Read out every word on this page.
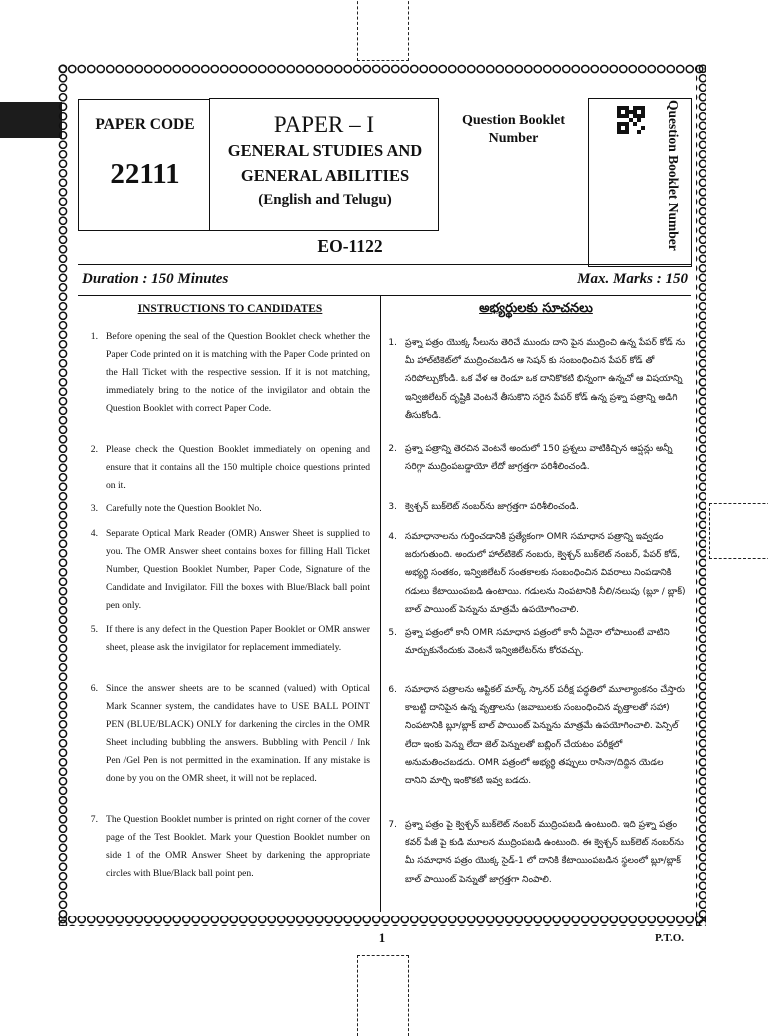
PAPER CODE
22111
PAPER – I
GENERAL STUDIES AND
GENERAL ABILITIES
(English and Telugu)
EO-1122
Question Booklet
Number	Question Booklet Number
Duration : 150 Minutes	Max. Marks : 150
INSTRUCTIONS TO CANDIDATES
1. Before opening the seal of the Question Booklet check whether the Paper Code printed on it is matching with the Paper Code printed on the Hall Ticket with the respective session. If it is not matching, immediately bring to the notice of the invigilator and obtain the Question Booklet with correct Paper Code.
2. Please check the Question Booklet immediately on opening and ensure that it contains all the 150 multiple choice questions printed on it.
3. Carefully note the Question Booklet No.
4. Separate Optical Mark Reader (OMR) Answer Sheet is supplied to you. The OMR Answer sheet contains boxes for filling Hall Ticket Number, Question Booklet Number, Paper Code, Signature of the Candidate and Invigilator. Fill the boxes with Blue/Black ball point pen only.
5. If there is any defect in the Question Paper Booklet or OMR answer sheet, please ask the invigilator for replacement immediately.
6. Since the answer sheets are to be scanned (valued) with Optical Mark Scanner system, the candidates have to USE BALL POINT PEN (BLUE/BLACK) ONLY for darkening the circles in the OMR Sheet including bubbling the answers. Bubbling with Pencil / Ink Pen /Gel Pen is not permitted in the examination. If any mistake is done by you on the OMR sheet, it will not be replaced.
7. The Question Booklet number is printed on right corner of the cover page of the Test Booklet. Mark your Question Booklet number on side 1 of the OMR Answer Sheet by darkening the appropriate circles with Blue/Black ball point pen.
అభ్యర్థులకు సూచనలు
1. ప్రశ్నా పత్రం యొక్క సీలును తెరిచే ముందు దాని పైన ముద్రించి ఉన్న పేపర్ కోడ్ ను మీ హాల్‌టికెట్‌లో ముద్రించబడిన ఆ సెషన్ కు సంబంధించిన పేపర్ కోడ్ తో సరిపోల్చుకోండి. ఒక వేళ ఆ రెండూ ఒక దానికొకటి భిన్నంగా ఉన్నచో ఆ విషయాన్ని ఇన్విజిలేటర్ దృష్టికి వెంటనే తీసుకొని సరైన పేపర్ కోడ్ ఉన్న ప్రశ్నా పత్రాన్ని అడిగి తీసుకోండి.
2. ప్రశ్నా పత్రాన్ని తెరచిన వెంటనే అందులో 150 ప్రశ్నలు వాటికిచ్చిన ఆప్షన్లు అన్నీ సరిగ్గా ముద్రింపబడ్డాయో లేదో జాగ్రత్తగా పరిశీలించండి.
3. క్వెశ్చన్ బుక్‌లెట్ నంబర్‌ను జాగ్రత్తగా పరిశీలించండి.
4. సమాధానాలను గుర్తించడానికి ప్రత్యేకంగా OMR సమాధాన పత్రాన్ని ఇవ్వడం జరుగుతుంది. అందులో హాల్‌టికెట్ నంబరు, క్వెశ్చన్ బుక్‌లెట్ నంబర్, పేపర్ కోడ్, అభ్యర్థి సంతకం, ఇన్విజిలేటర్ సంతకాలకు సంబంధించిన వివరాలు నింపడానికి గడులు కేటాయింపబడి ఉంటాయి. గడులను నింపటానికి నీలి/నలుపు (బ్లూ / బ్లాక్) బాల్ పాయింట్ పెన్నును మాత్రమే ఉపయోగించాలి.
5. ప్రశ్నా పత్రంలో కానీ OMR సమాధాన పత్రంలో కానీ ఏదైనా లోపాలుంటే వాటిని మార్చుకునేందుకు వెంటనే ఇన్విజిలేటర్‌ను కోరవచ్చు.
6. సమాధాన పత్రాలను ఆప్టికల్ మార్క్ స్కానర్ పరీక్ష పద్ధతిలో మూల్యాంకనం చేస్తారు కాబట్టి దానిపైన ఉన్న వృత్తాలను (జవాబులకు సంబంధించిన వృత్తాలతో సహా) నింపటానికి బ్లూ/బ్లాక్ బాల్ పాయింట్ పెన్నును మాత్రమే ఉపయోగించాలి. పెన్సిల్ లేదా ఇంకు పెన్ను లేదా జెల్ పెన్నులతో బబ్లింగ్ చేయటం పరీక్షలో అనుమతించబడదు. OMR పత్రంలో అభ్యర్థి తప్పులు రాసినా/దిద్దిన యెడల దానిని మార్చి ఇంకొకటి ఇవ్వ బడదు.
7. ప్రశ్నా పత్రం పై క్వెశ్చన్ బుక్‌లెట్ నంబర్ ముద్రింపబడి ఉంటుంది. ఇది ప్రశ్నా పత్రం కవర్ పేజీ పై కుడి మూలన ముద్రింపబడి ఉంటుంది. ఈ క్వెశ్చన్ బుక్‌లెట్ నంబర్‌ను మీ సమాధాన పత్రం యొక్క సైడ్-1 లో దానికి కేటాయింపబడిన స్థలంలో బ్లూ/బ్లాక్ బాల్ పాయింట్ పెన్నుతో జాగ్రత్తగా నింపాలి.
1	P.T.O.
